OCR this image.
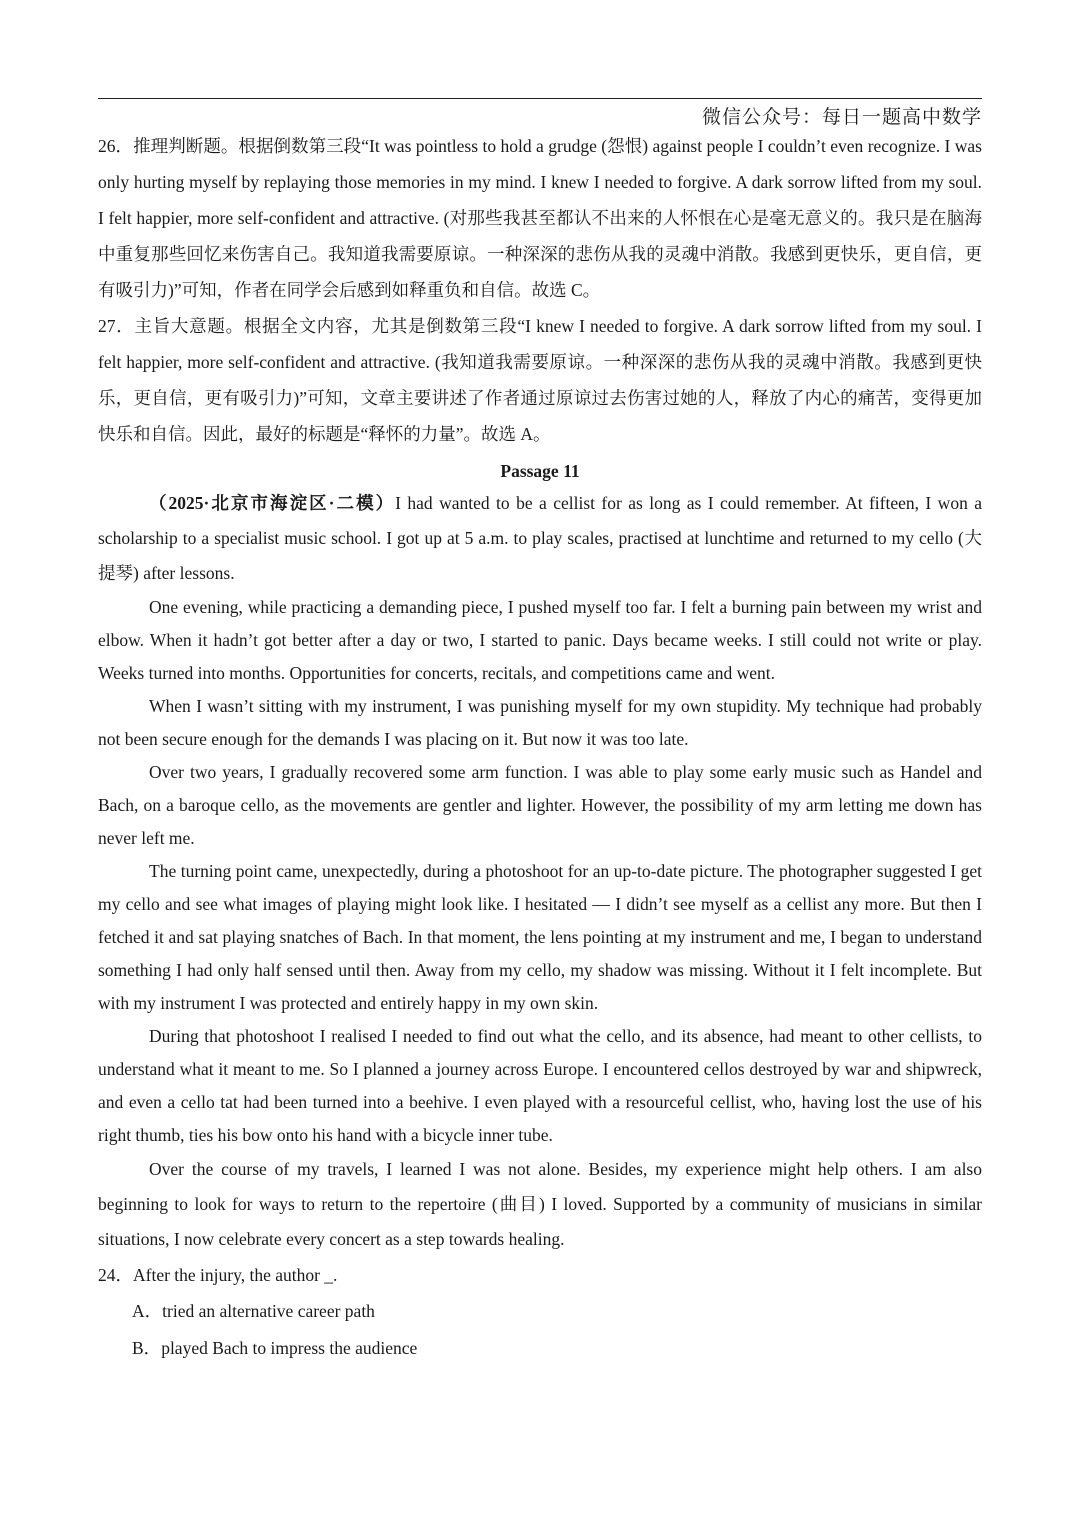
微信公众号：每日一题高中数学

26．推理判断题。根据倒数第三段“It was pointless to hold a grudge (怨恨) against people I couldn’t even recognize. I was only hurting myself by replaying those memories in my mind. I knew I needed to forgive. A dark sorrow lifted from my soul. I felt happier, more self-confident and attractive. (对那些我甚至都认不出来的人怀恨在心是毫无意义的。我只是在脑海中重复那些回忆来伤害自己。我知道我需要原谅。一种深深的悲伤从我的灵魂中消散。我感到更快乐，更自信，更有吸引力)”可知，作者在同学会后感到如释重负和自信。故选 C。

27．主旨大意题。根据全文内容，尤其是倒数第三段“I knew I needed to forgive. A dark sorrow lifted from my soul. I felt happier, more self-confident and attractive. (我知道我需要原谅。一种深深的悲伤从我的灵魂中消散。我感到更快乐，更自信，更有吸引力)”可知，文章主要讲述了作者通过原谅过去伤害过她的人，释放了内心的痛苦，变得更加快乐和自信。因此，最好的标题是“释怀的力量”。故选 A。

Passage 11

（2025·北京市海淀区·二模）I had wanted to be a cellist for as long as I could remember. At fifteen, I won a scholarship to a specialist music school. I got up at 5 a.m. to play scales, practised at lunchtime and returned to my cello (大提琴) after lessons.

One evening, while practicing a demanding piece, I pushed myself too far. I felt a burning pain between my wrist and elbow. When it hadn’t got better after a day or two, I started to panic. Days became weeks. I still could not write or play. Weeks turned into months. Opportunities for concerts, recitals, and competitions came and went.

When I wasn’t sitting with my instrument, I was punishing myself for my own stupidity. My technique had probably not been secure enough for the demands I was placing on it. But now it was too late.

Over two years, I gradually recovered some arm function. I was able to play some early music such as Handel and Bach, on a baroque cello, as the movements are gentler and lighter. However, the possibility of my arm letting me down has never left me.

The turning point came, unexpectedly, during a photoshoot for an up-to-date picture. The photographer suggested I get my cello and see what images of playing might look like. I hesitated — I didn’t see myself as a cellist any more. But then I fetched it and sat playing snatches of Bach. In that moment, the lens pointing at my instrument and me, I began to understand something I had only half sensed until then. Away from my cello, my shadow was missing. Without it I felt incomplete. But with my instrument I was protected and entirely happy in my own skin.

During that photoshoot I realised I needed to find out what the cello, and its absence, had meant to other cellists, to understand what it meant to me. So I planned a journey across Europe. I encountered cellos destroyed by war and shipwreck, and even a cello tat had been turned into a beehive. I even played with a resourceful cellist, who, having lost the use of his right thumb, ties his bow onto his hand with a bicycle inner tube.

Over the course of my travels, I learned I was not alone. Besides, my experience might help others. I am also beginning to look for ways to return to the repertoire (曲目) I loved. Supported by a community of musicians in similar situations, I now celebrate every concert as a step towards healing.

24．After the injury, the author _.

A．tried an alternative career path

B．played Bach to impress the audience
